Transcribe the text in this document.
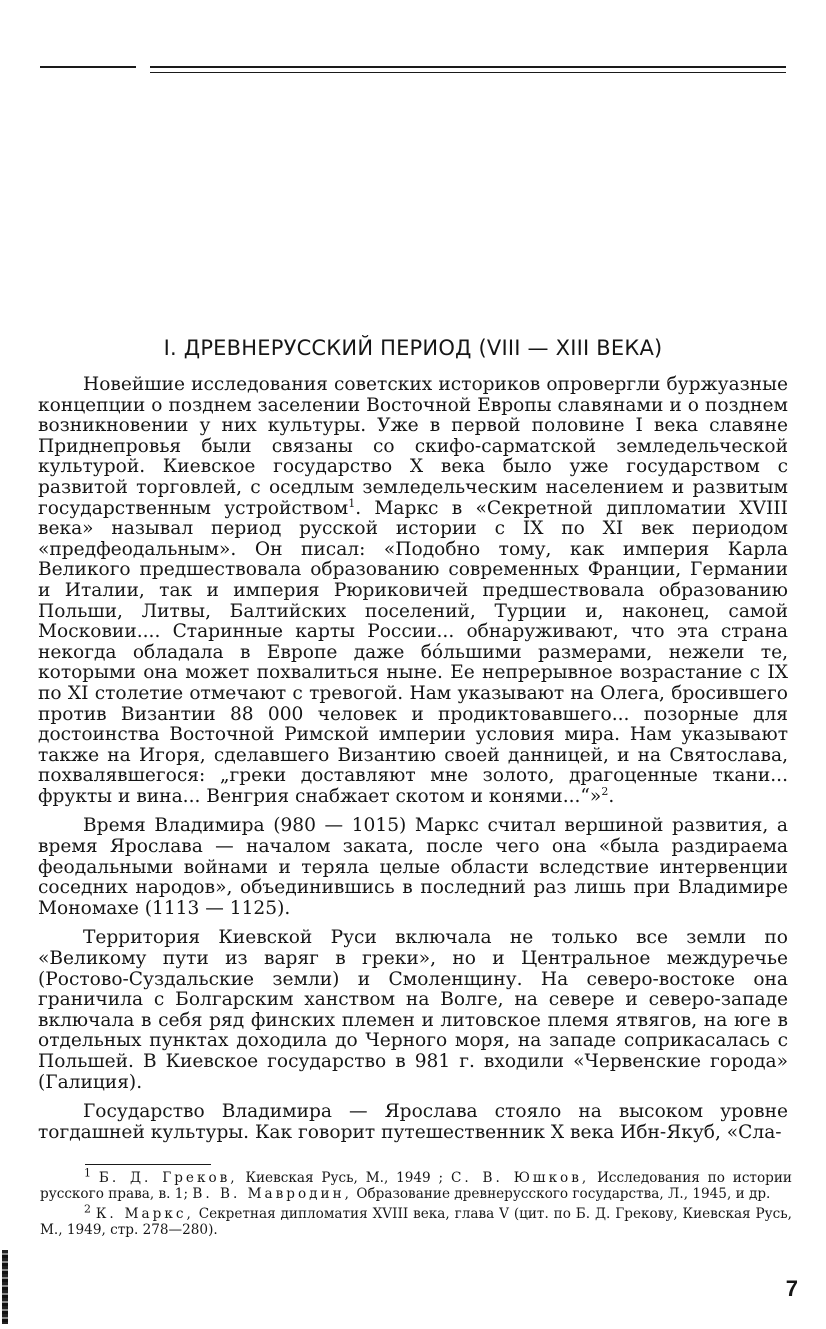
I. ДРЕВНЕРУССКИЙ ПЕРИОД (VIII — XIII ВЕКА)

Новейшие исследования советских историков опровергли буржуазные концепции о позднем заселении Восточной Европы славянами и о позднем возникновении у них культуры. Уже в первой половине I века славяне Приднепровья были связаны со скифо-сарматской земледельческой культурой. Киевское государство X века было уже государством с развитой торговлей, с оседлым земледельческим населением и развитым государственным устройством$^1$. Маркс в «Секретной дипломатии XVIII века» называл период русской истории с IX по XI век периодом «предфеодальным». Он писал: «Подобно тому, как империя Карла Великого предшествовала образованию современных Франции, Германии и Италии, так и империя Рюриковичей предшествовала образованию Польши, Литвы, Балтийских поселений, Турции и, наконец, самой Московии.... Старинные карты России... обнаруживают, что эта страна некогда обладала в Европе даже бо́льшими размерами, нежели те, которыми она может похвалиться ныне. Ее непрерывное возрастание с IX по XI столетие отмечают с тревогой. Нам указывают на Олега, бросившего против Византии 88 000 человек и продиктовавшего... позорные для достоинства Восточной Римской империи условия мира. Нам указывают также на Игоря, сделавшего Византию своей данницей, и на Святослава, похвалявшегося: „греки доставляют мне золото, драгоценные ткани... фрукты и вина... Венгрия снабжает скотом и конями...“»$^2$.

Время Владимира (980 — 1015) Маркс считал вершиной развития, а время Ярослава — началом заката, после чего она «была раздираема феодальными войнами и теряла целые области вследствие интервенции соседних народов», объединившись в последний раз лишь при Владимире Мономахе (1113 — 1125).

Территория Киевской Руси включала не только все земли по «Великому пути из варяг в греки», но и Центральное междуречье (Ростово-Суздальские земли) и Смоленщину. На северо-востоке она граничила с Болгарским ханством на Волге, на севере и северо-западе включала в себя ряд финских племен и литовское племя ятвягов, на юге в отдельных пунктах доходила до Черного моря, на западе соприкасалась с Польшей. В Киевское государство в 981 г. входили «Червенские города» (Галиция).

Государство Владимира — Ярослава стояло на высоком уровне тогдашней культуры. Как говорит путешественник X века Ибн-Якуб, «Сла-

$^1$ Б. Д. Греков, Киевская Русь, М., 1949 ; С. В. Юшков, Исследования по истории русского права, в. 1; В. В. Мавродин, Образование древнерусского государства, Л., 1945, и др.

$^2$ К. Маркс, Секретная дипломатия XVIII века, глава V (цит. по Б. Д. Грекову, Киевская Русь, М., 1949, стр. 278—280).

7
